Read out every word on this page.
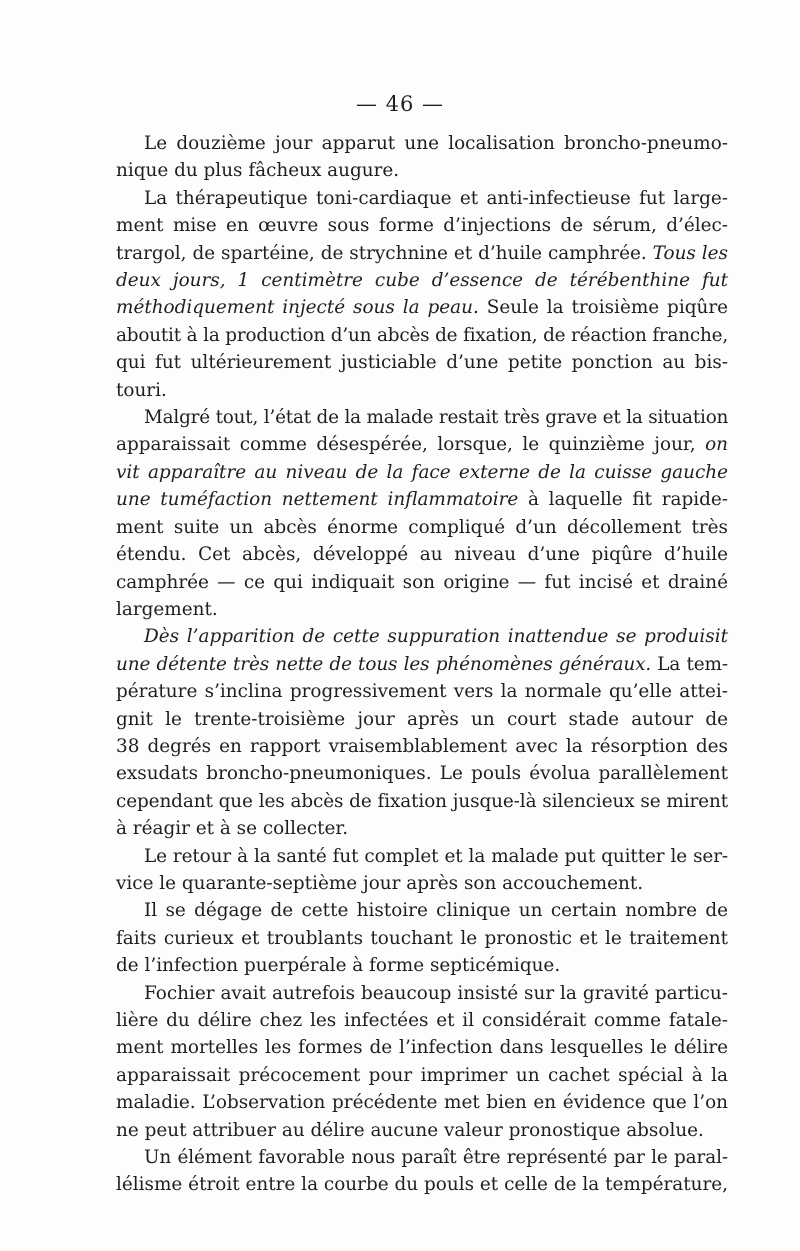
— 46 —

Le douzième jour apparut une localisation broncho-pneumo-
nique du plus fâcheux augure.

La thérapeutique toni-cardiaque et anti-infectieuse fut large-
ment mise en œuvre sous forme d’injections de sérum, d’élec-
trargol, de spartéine, de strychnine et d’huile camphrée. Tous les
deux jours, 1 centimètre cube d’essence de térébenthine fut
méthodiquement injecté sous la peau. Seule la troisième piqûre
aboutit à la production d’un abcès de fixation, de réaction franche,
qui fut ultérieurement justiciable d’une petite ponction au bis-
touri.

Malgré tout, l’état de la malade restait très grave et la situation
apparaissait comme désespérée, lorsque, le quinzième jour, on
vit apparaître au niveau de la face externe de la cuisse gauche
une tuméfaction nettement inflammatoire à laquelle fit rapide-
ment suite un abcès énorme compliqué d’un décollement très
étendu. Cet abcès, développé au niveau d’une piqûre d’huile
camphrée — ce qui indiquait son origine — fut incisé et drainé
largement.

Dès l’apparition de cette suppuration inattendue se produisit
une détente très nette de tous les phénomènes généraux. La tem-
pérature s’inclina progressivement vers la normale qu’elle attei-
gnit le trente-troisième jour après un court stade autour de
38 degrés en rapport vraisemblablement avec la résorption des
exsudats broncho-pneumoniques. Le pouls évolua parallèlement
cependant que les abcès de fixation jusque-là silencieux se mirent
à réagir et à se collecter.

Le retour à la santé fut complet et la malade put quitter le ser-
vice le quarante-septième jour après son accouchement.

Il se dégage de cette histoire clinique un certain nombre de
faits curieux et troublants touchant le pronostic et le traitement
de l’infection puerpérale à forme septicémique.

Fochier avait autrefois beaucoup insisté sur la gravité particu-
lière du délire chez les infectées et il considérait comme fatale-
ment mortelles les formes de l’infection dans lesquelles le délire
apparaissait précocement pour imprimer un cachet spécial à la
maladie. L’observation précédente met bien en évidence que l’on
ne peut attribuer au délire aucune valeur pronostique absolue.

Un élément favorable nous paraît être représenté par le paral-
lélisme étroit entre la courbe du pouls et celle de la température,
